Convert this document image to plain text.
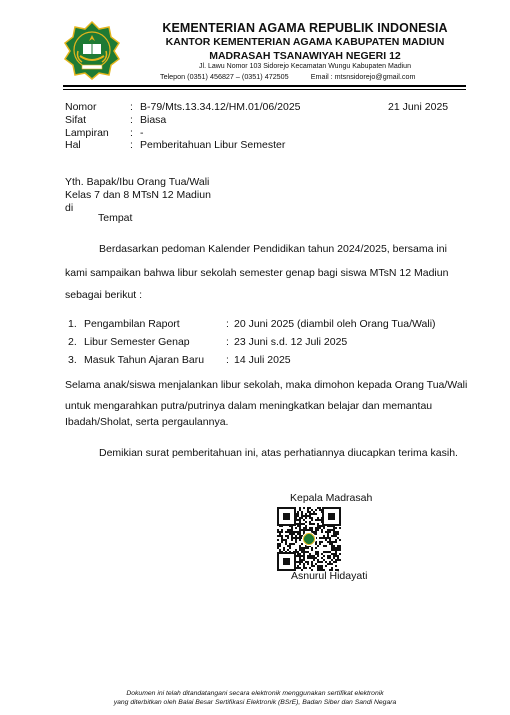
KEMENTERIAN AGAMA REPUBLIK INDONESIA
KANTOR KEMENTERIAN AGAMA KABUPATEN MADIUN
MADRASAH TSANAWIYAH NEGERI 12
Jl. Lawu Nomor 103 Sidorejo Kecamatan Wungu Kabupaten Madiun
Telepon (0351) 456827 – (0351) 472505	Email : mtsnsidorejo@gmail.com
Nomor	: B-79/Mts.13.34.12/HM.01/06/2025	21 Juni 2025
Sifat	: Biasa
Lampiran : -
Hal	: Pemberitahuan Libur Semester
Yth. Bapak/Ibu Orang Tua/Wali
Kelas 7 dan 8 MTsN 12 Madiun
di
Tempat
Berdasarkan pedoman Kalender Pendidikan tahun 2024/2025, bersama ini
kami sampaikan bahwa libur sekolah semester genap bagi siswa MTsN 12 Madiun
sebagai berikut :
1. Pengambilan Raport	: 20 Juni 2025 (diambil oleh Orang Tua/Wali)
2. Libur Semester Genap	: 23 Juni s.d. 12 Juli 2025
3. Masuk Tahun Ajaran Baru : 14 Juli 2025
Selama anak/siswa menjalankan libur sekolah, maka dimohon kepada Orang Tua/Wali
untuk mengarahkan putra/putrinya dalam meningkatkan belajar dan memantau
Ibadah/Sholat, serta pergaulannya.
Demikian surat pemberitahuan ini, atas perhatiannya diucapkan terima kasih.
Kepala Madrasah
Asnurul Hidayati
Dokumen ini telah ditandatangani secara elektronik menggunakan sertifikat elektronik
yang diterbitkan oleh Balai Besar Sertifikasi Elektronik (BSrE), Badan Siber dan Sandi Negara
